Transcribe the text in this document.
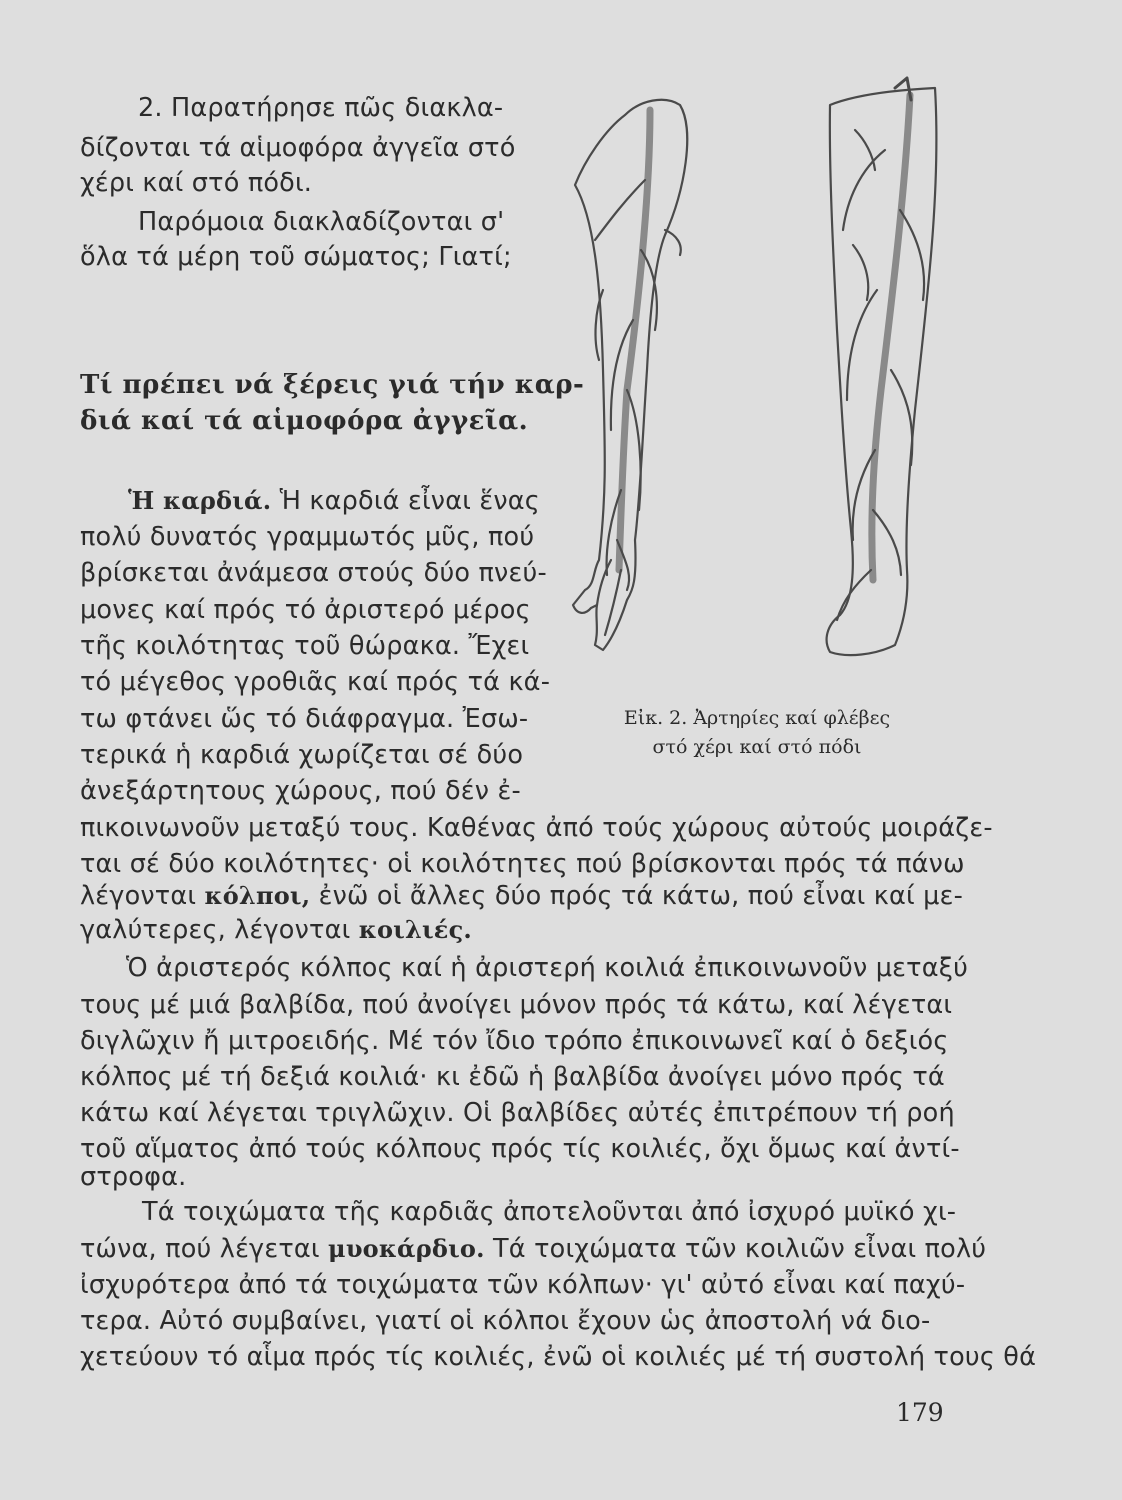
2. Παρατήρησε πῶς διακλα-
δίζονται τά αἱμοφόρα ἀγγεῖα στό
χέρι καί στό πόδι.
Παρόμοια διακλαδίζονται σ'
ὅλα τά μέρη τοῦ σώματος; Γιατί;
Τί πρέπει νά ξέρεις γιά τήν καρ-
διά καί τά αἱμοφόρα ἀγγεῖα.
Ἡ καρδιά. Ἡ καρδιά εἶναι ἕνας
πολύ δυνατός γραμμωτός μῦς, πού
βρίσκεται ἀνάμεσα στούς δύο πνεύ-
μονες καί πρός τό ἀριστερό μέρος
τῆς κοιλότητας τοῦ θώρακα. Ἔχει
τό μέγεθος γροθιᾶς καί πρός τά κά-
τω φτάνει ὥς τό διάφραγμα. Ἐσω-
τερικά ἡ καρδιά χωρίζεται σέ δύο
ἀνεξάρτητους χώρους, πού δέν ἐ-
πικοινωνοῦν μεταξύ τους. Καθένας ἀπό τούς χώρους αὐτούς μοιράζε-
ται σέ δύο κοιλότητες· οἱ κοιλότητες πού βρίσκονται πρός τά πάνω
λέγονται κόλποι, ἐνῶ οἱ ἄλλες δύο πρός τά κάτω, πού εἶναι καί με-
γαλύτερες, λέγονται κοιλιές.
Ὁ ἀριστερός κόλπος καί ἡ ἀριστερή κοιλιά ἐπικοινωνοῦν μεταξύ
τους μέ μιά βαλβίδα, πού ἀνοίγει μόνον πρός τά κάτω, καί λέγεται
διγλῶχιν ἤ μιτροειδής. Μέ τόν ἴδιο τρόπο ἐπικοινωνεῖ καί ὁ δεξιός
κόλπος μέ τή δεξιά κοιλιά· κι ἐδῶ ἡ βαλβίδα ἀνοίγει μόνο πρός τά
κάτω καί λέγεται τριγλῶχιν. Οἱ βαλβίδες αὐτές ἐπιτρέπουν τή ροή
τοῦ αἵματος ἀπό τούς κόλπους πρός τίς κοιλιές, ὄχι ὅμως καί ἀντί-
στροφα.
Τά τοιχώματα τῆς καρδιᾶς ἀποτελοῦνται ἀπό ἰσχυρό μυϊκό χι-
τώνα, πού λέγεται μυοκάρδιο. Τά τοιχώματα τῶν κοιλιῶν εἶναι πολύ
ἰσχυρότερα ἀπό τά τοιχώματα τῶν κόλπων· γι' αὐτό εἶναι καί παχύ-
τερα. Αὐτό συμβαίνει, γιατί οἱ κόλποι ἔχουν ὡς ἀποστολή νά διο-
χετεύουν τό αἷμα πρός τίς κοιλιές, ἐνῶ οἱ κοιλιές μέ τή συστολή τους θά
Εἰκ. 2. Ἀρτηρίες καί φλέβες
στό χέρι καί στό πόδι
179
